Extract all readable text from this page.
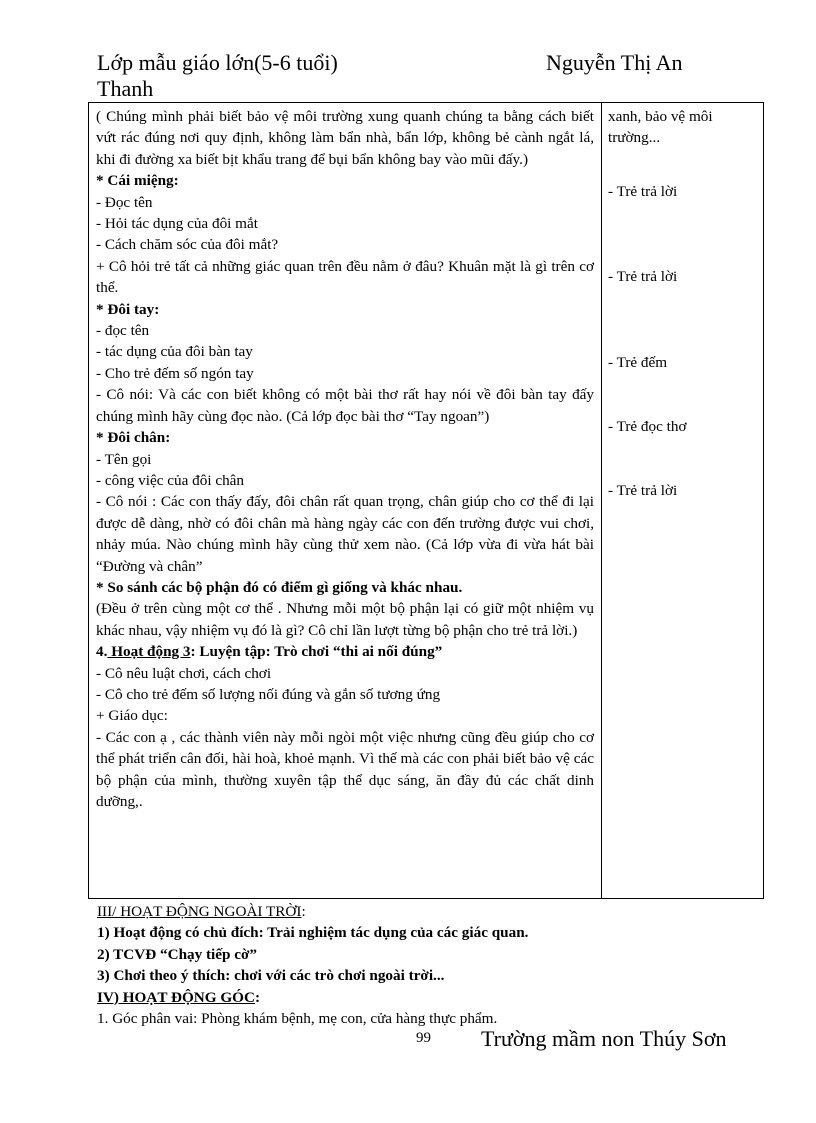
Lớp mẫu giáo lớn(5-6 tuổi)
Thanh
Nguyễn Thị An

( Chúng mình phải biết bảo vệ môi trường xung quanh chúng ta bằng cách biết vứt rác đúng nơi quy định, không làm bẩn nhà, bẩn lớp, không bẻ cành ngắt lá, khi đi đường xa biết bịt khẩu trang để bụi bẩn không bay vào mũi đấy.)

* Cái miệng:

- Đọc tên

- Hỏi tác dụng của đôi mắt

- Cách chăm sóc của đôi mắt?

+ Cô hỏi trẻ tất cả những giác quan trên đều nằm ở đâu? Khuân mặt là gì trên cơ thể.

* Đôi tay:

- đọc tên

- tác dụng của đôi bàn tay

- Cho trẻ đếm số ngón tay

- Cô nói: Và các con biết không có một bài thơ rất hay nói về đôi bàn tay đấy chúng mình hãy cùng đọc nào. (Cả lớp đọc bài thơ “Tay ngoan”)

* Đôi chân:

- Tên gọi

- công việc của đôi chân

- Cô nói : Các con thấy đấy, đôi chân rất quan trọng, chân giúp cho cơ thể đi lại được dễ dàng, nhờ có đôi chân mà hàng ngày các con đến trường được vui chơi, nhảy múa. Nào chúng mình hãy cùng thử xem nào. (Cả lớp vừa đi vừa hát bài “Đường và chân”

* So sánh các bộ phận đó có điểm gì giống và khác nhau.

(Đều ở trên cùng một cơ thể . Nhưng mỗi một bộ phận lại có giữ một nhiệm vụ khác nhau, vậy nhiệm vụ đó là gì? Cô chỉ lần lượt từng bộ phận cho trẻ trả lời.)

4. Hoạt động 3: Luyện tập: Trò chơi “thi ai nối đúng”

- Cô nêu luật chơi, cách chơi

- Cô cho trẻ đếm số lượng nối đúng và gắn số tương ứng

+ Giáo dục:

- Các con ạ , các thành viên này mỗi ngòi một việc nhưng cũng đều giúp cho cơ thể phát triển cân đối, hài hoà, khoẻ mạnh. Vì thế mà các con phải biết bảo vệ các bộ phận của mình, thường xuyên tập thể dục sáng, ăn đầy đủ các chất dinh dưỡng,.

xanh, bảo vệ môi trường...

- Trẻ trả lời

- Trẻ trả lời

- Trẻ đếm

- Trẻ đọc thơ

- Trẻ trả lời

III/ HOẠT ĐỘNG NGOÀI TRỜI:

1) Hoạt động có chủ đích: Trải nghiệm tác dụng của các giác quan.

2) TCVĐ “Chạy tiếp cờ”

3) Chơi theo ý thích: chơi với các trò chơi ngoài trời...

IV) HOẠT ĐỘNG GÓC:

1. Góc phân vai: Phòng khám bệnh, mẹ con, cửa hàng thực phẩm.

99 Trường mầm non Thúy Sơn
